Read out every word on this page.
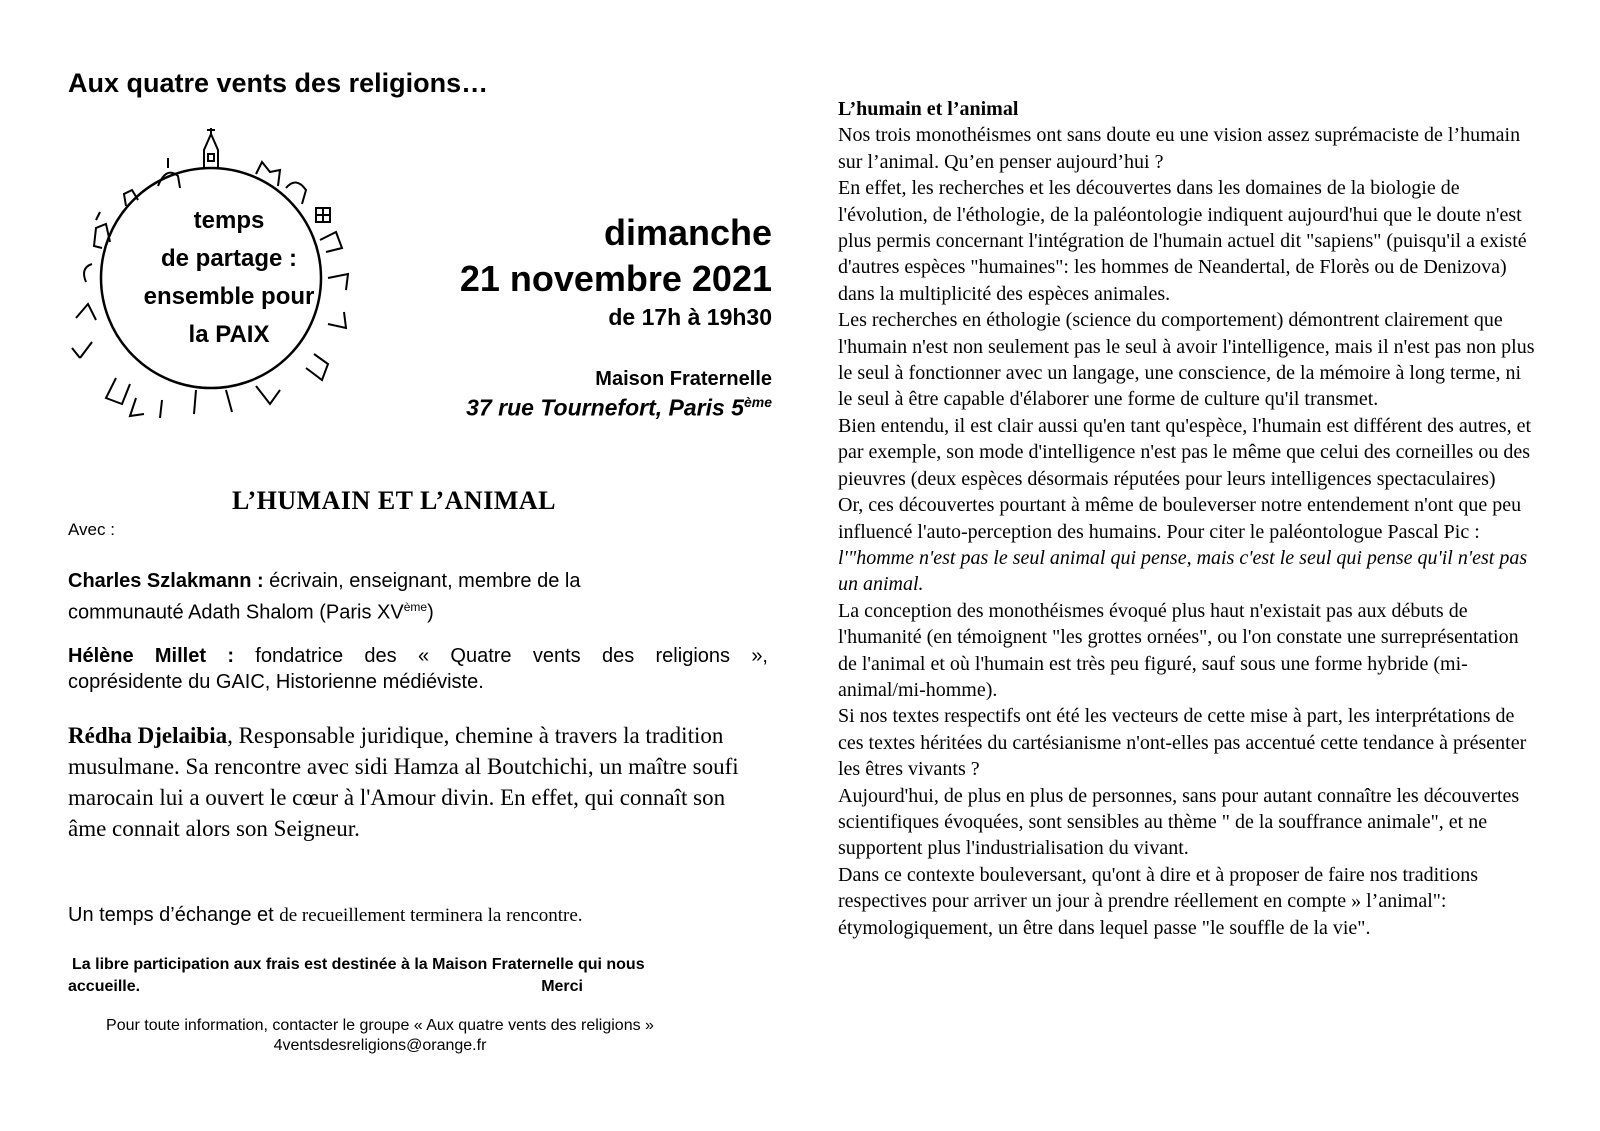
Aux quatre vents des religions…
temps
de partage :
ensemble pour
la PAIX
dimanche
21 novembre 2021
de 17h à 19h30
Maison Fraternelle
37 rue Tournefort, Paris 5ème
L’HUMAIN ET L’ANIMAL
Avec :
Charles Szlakmann : écrivain, enseignant, membre de la
communauté Adath Shalom (Paris XVème)
Hélène Millet : fondatrice des « Quatre vents des religions »,
coprésidente du GAIC, Historienne médiéviste.
Rédha Djelaibia, Responsable juridique, chemine à travers la tradition musulmane. Sa rencontre avec sidi Hamza al Boutchichi, un maître soufi marocain lui a ouvert le cœur à l'Amour divin. En effet, qui connaît son âme connait alors son Seigneur.
Un temps d’échange et de recueillement terminera la rencontre.
La libre participation aux frais est destinée à la Maison Fraternelle qui nous
accueille.	Merci
Pour toute information, contacter le groupe « Aux quatre vents des religions »
4ventsdesreligions@orange.fr
L’humain et l’animal

Nos trois monothéismes ont sans doute eu une vision assez suprémaciste de l’humain sur l’animal. Qu’en penser aujourd’hui ?

En effet, les recherches et les découvertes dans les domaines de la biologie de l'évolution, de l'éthologie, de la paléontologie indiquent aujourd'hui que le doute n'est plus permis concernant l'intégration de l'humain actuel dit "sapiens" (puisqu'il a existé d'autres espèces "humaines": les hommes de Neandertal, de Florès ou de Denizova) dans la multiplicité des espèces animales.

Les recherches en éthologie (science du comportement) démontrent clairement que l'humain n'est non seulement pas le seul à avoir l'intelligence, mais il n'est pas non plus le seul à fonctionner avec un langage, une conscience, de la mémoire à long terme, ni le seul à être capable d'élaborer une forme de culture qu'il transmet.

Bien entendu, il est clair aussi qu'en tant qu'espèce, l'humain est différent des autres, et par exemple, son mode d'intelligence n'est pas le même que celui des corneilles ou des pieuvres (deux espèces désormais réputées pour leurs intelligences spectaculaires)

Or, ces découvertes pourtant à même de bouleverser notre entendement n'ont que peu influencé l'auto-perception des humains. Pour citer le paléontologue Pascal Pic : l'"homme n'est pas le seul animal qui pense, mais c'est le seul qui pense qu'il n'est pas un animal.

La conception des monothéismes évoqué plus haut n'existait pas aux débuts de l'humanité (en témoignent "les grottes ornées", ou l'on constate une surreprésentation de l'animal et où l'humain est très peu figuré, sauf sous une forme hybride (mi-animal/mi-homme).

Si nos textes respectifs ont été les vecteurs de cette mise à part, les interprétations de ces textes héritées du cartésianisme n'ont-elles pas accentué cette tendance à présenter les êtres vivants ?

Aujourd'hui, de plus en plus de personnes, sans pour autant connaître les découvertes scientifiques évoquées, sont sensibles au thème " de la souffrance animale", et ne supportent plus l'industrialisation du vivant.

Dans ce contexte bouleversant, qu'ont à dire et à proposer de faire nos traditions respectives pour arriver un jour à prendre réellement en compte » l’animal": étymologiquement, un être dans lequel passe "le souffle de la vie".
